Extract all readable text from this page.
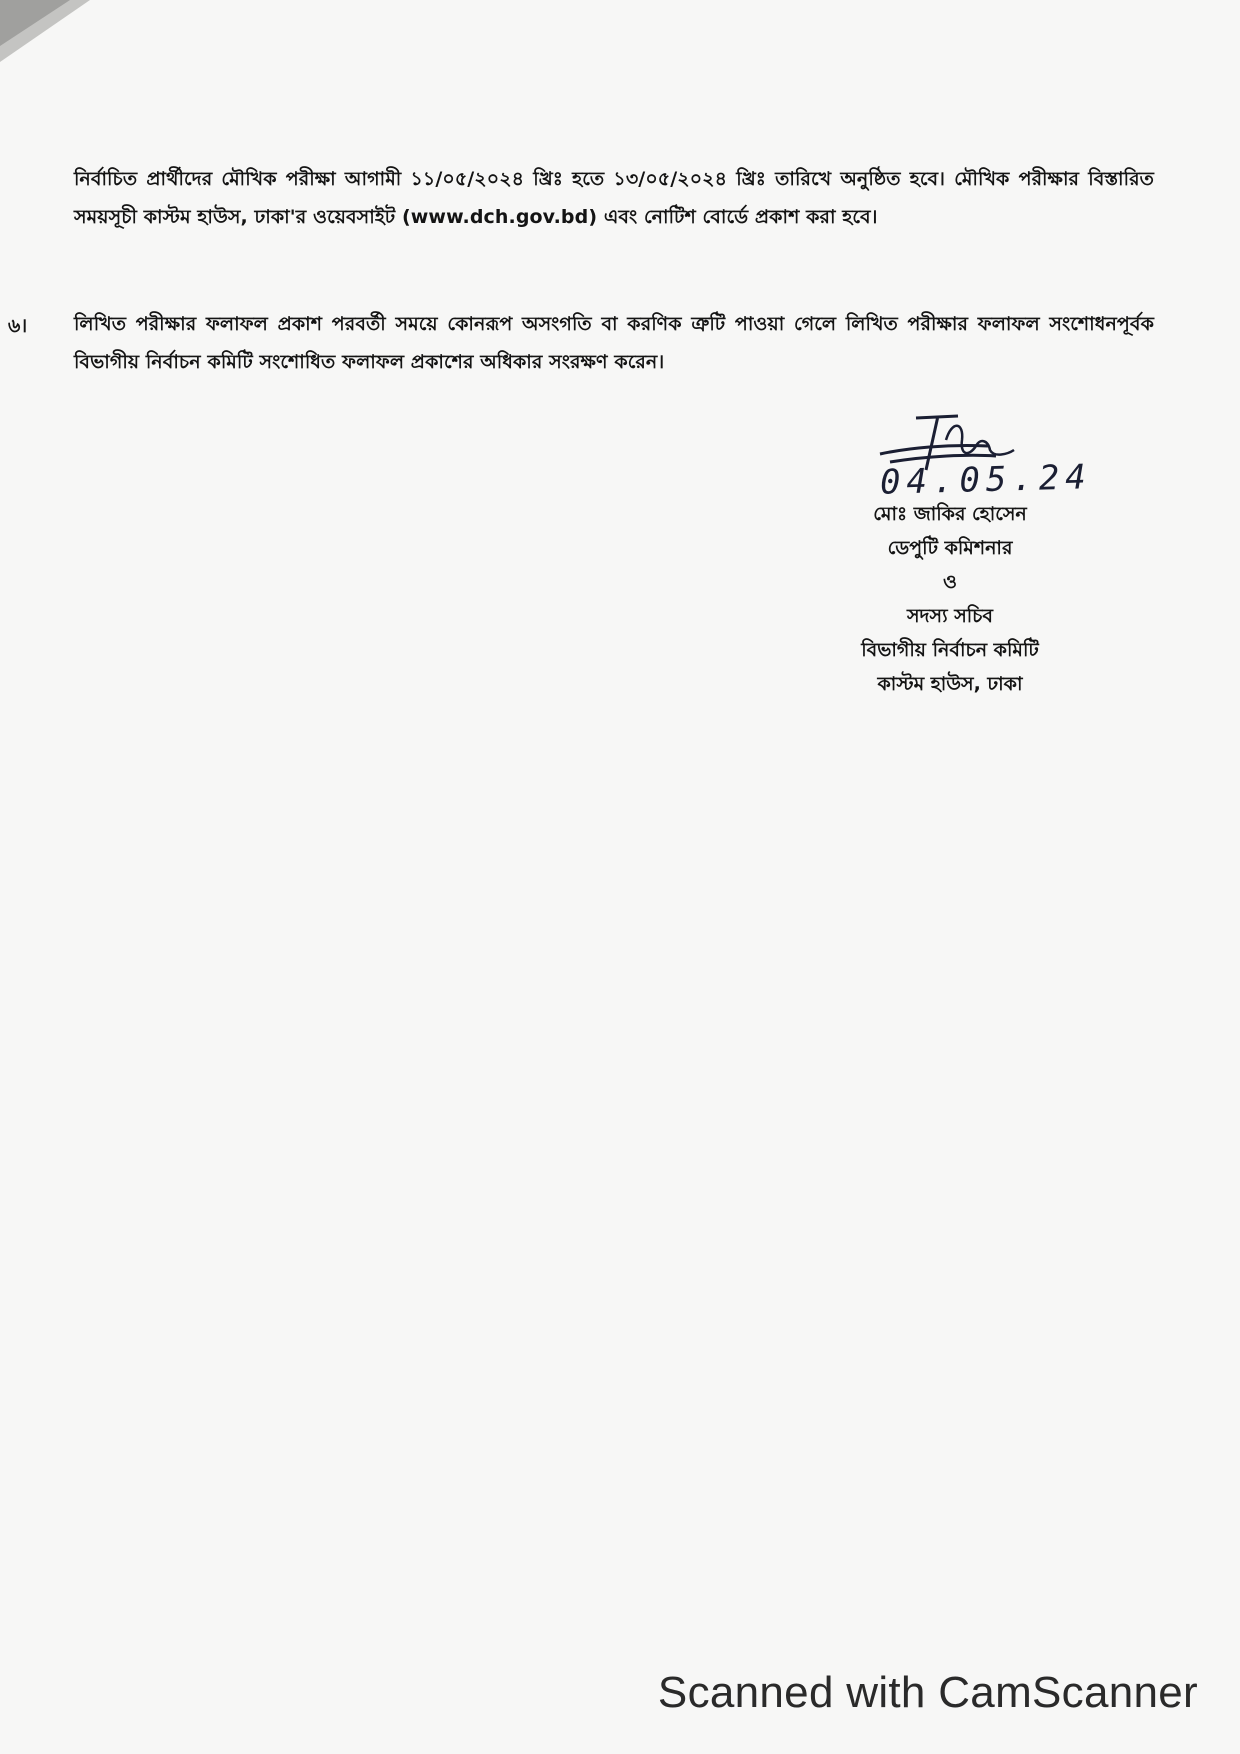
নির্বাচিত প্রার্থীদের মৌখিক পরীক্ষা আগামী ১১/০৫/২০২৪ খ্রিঃ হতে ১৩/০৫/২০২৪ খ্রিঃ তারিখে অনুষ্ঠিত হবে। মৌখিক পরীক্ষার বিস্তারিত সময়সূচী কাস্টম হাউস, ঢাকা'র ওয়েবসাইট (www.dch.gov.bd) এবং নোটিশ বোর্ডে প্রকাশ করা হবে।

৬। লিখিত পরীক্ষার ফলাফল প্রকাশ পরবর্তী সময়ে কোনরূপ অসংগতি বা করণিক ত্রুটি পাওয়া গেলে লিখিত পরীক্ষার ফলাফল সংশোধনপূর্বক বিভাগীয় নির্বাচন কমিটি সংশোধিত ফলাফল প্রকাশের অধিকার সংরক্ষণ করেন।

04.05.24
মোঃ জাকির হোসেন
ডেপুটি কমিশনার
ও
সদস্য সচিব
বিভাগীয় নির্বাচন কমিটি
কাস্টম হাউস, ঢাকা
Scanned with CamScanner
